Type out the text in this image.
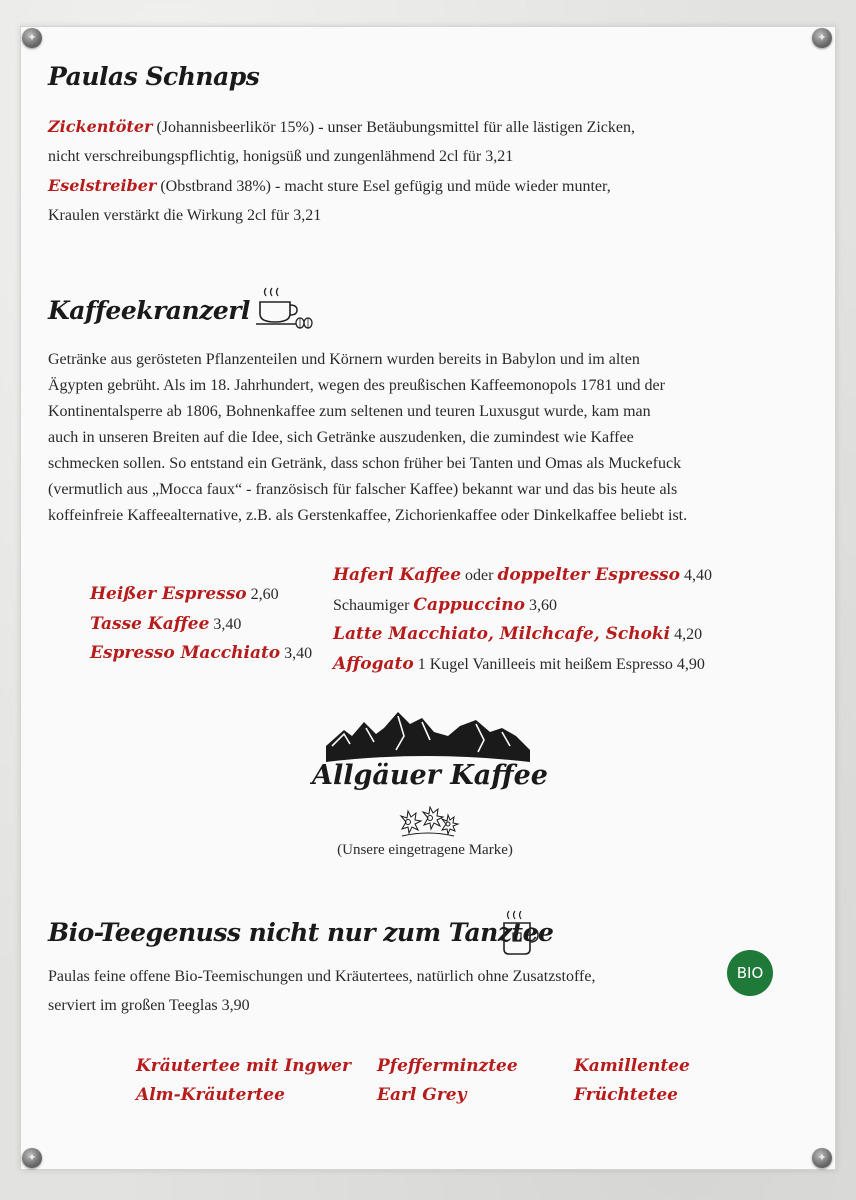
✦
✦
✦
✦
Paulas Schnaps

Zickentöter (Johannisbeerlikör 15%) - unser Betäubungsmittel für alle lästigen Zicken,
nicht verschreibungspflichtig, honigsüß und zungenlähmend 2cl für 3,21
Eselstreiber (Obstbrand 38%) - macht sture Esel gefügig und müde wieder munter,
Kraulen verstärkt die Wirkung 2cl für 3,21

Kaffeekranzerl
Getränke aus gerösteten Pflanzenteilen und Körnern wurden bereits in Babylon und im alten
Ägypten gebrüht. Als im 18. Jahrhundert, wegen des preußischen Kaffeemonopols 1781 und der
Kontinentalsperre ab 1806, Bohnenkaffee zum seltenen und teuren Luxusgut wurde, kam man
auch in unseren Breiten auf die Idee, sich Getränke auszudenken, die zumindest wie Kaffee
schmecken sollen. So entstand ein Getränk, dass schon früher bei Tanten und Omas als Muckefuck
(vermutlich aus „Mocca faux“ - französisch für falscher Kaffee) bekannt war und das bis heute als
koffeinfreie Kaffeealternative, z.B. als Gerstenkaffee, Zichorienkaffee oder Dinkelkaffee beliebt ist.
Heißer Espresso 2,60
Tasse Kaffee 3,40
Espresso Macchiato 3,40
Haferl Kaffee oder doppelter Espresso 4,40
Schaumiger Cappuccino 3,60
Latte Macchiato, Milchcafe, Schoki 4,20
Affogato 1 Kugel Vanilleeis mit heißem Espresso 4,90
Allgäuer Kaffee
(Unsere eingetragene Marke)
Bio-Teegenuss nicht nur zum Tanztee

Paulas feine offene Bio-Teemischungen und Kräutertees, natürlich ohne Zusatzstoffe,
serviert im großen Teeglas 3,90

BIO
Kräutertee mit Ingwer
Alm-Kräutertee
Pfefferminztee
Earl Grey
Kamillentee
Früchtetee
